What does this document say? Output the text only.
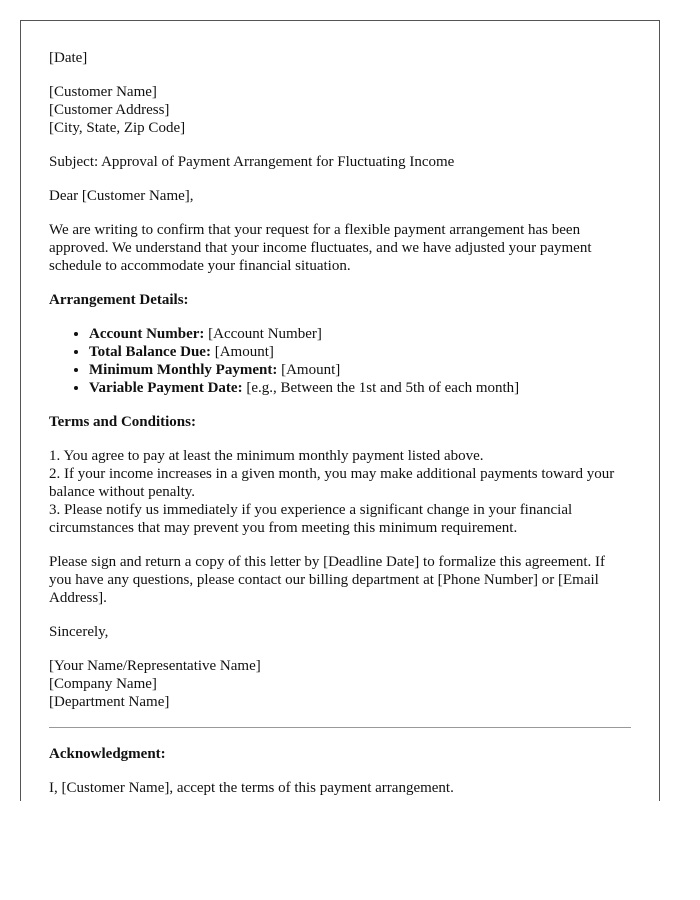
[Date]

[Customer Name]
[Customer Address]
[City, State, Zip Code]

Subject: Approval of Payment Arrangement for Fluctuating Income

Dear [Customer Name],

We are writing to confirm that your request for a flexible payment arrangement has been approved. We understand that your income fluctuates, and we have adjusted your payment schedule to accommodate your financial situation.

Arrangement Details:

• Account Number: [Account Number]
• Total Balance Due: [Amount]
• Minimum Monthly Payment: [Amount]
• Variable Payment Date: [e.g., Between the 1st and 5th of each month]

Terms and Conditions:

1. You agree to pay at least the minimum monthly payment listed above.
2. If your income increases in a given month, you may make additional payments toward your balance without penalty.
3. Please notify us immediately if you experience a significant change in your financial circumstances that may prevent you from meeting this minimum requirement.

Please sign and return a copy of this letter by [Deadline Date] to formalize this agreement. If you have any questions, please contact our billing department at [Phone Number] or [Email Address].

Sincerely,

[Your Name/Representative Name]
[Company Name]
[Department Name]

Acknowledgment:

I, [Customer Name], accept the terms of this payment arrangement.
